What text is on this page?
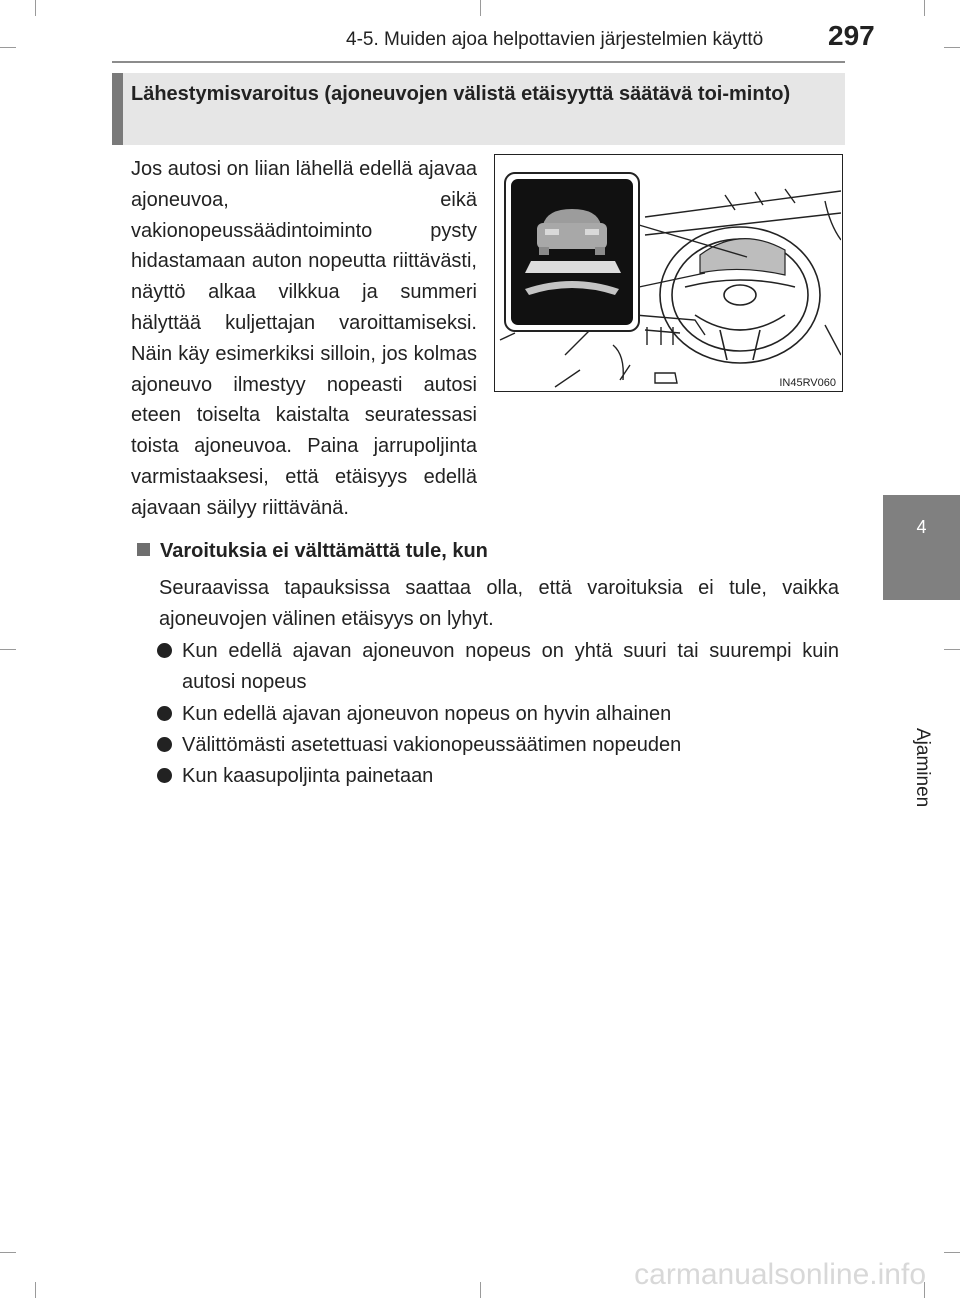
4-5. Muiden ajoa helpottavien järjestelmien käyttö 297
4
Ajaminen
Lähestymisvaroitus (ajoneuvojen välistä etäisyyttä säätävä toi-minto)
Jos autosi on liian lähellä edellä ajavaa ajoneuvoa, eikä vakionopeussäädintoiminto pysty hidastamaan auton nopeutta riittävästi, näyttö alkaa vilkkua ja summeri hälyttää kuljettajan varoittamiseksi. Näin käy esimerkiksi silloin, jos kolmas ajoneuvo ilmestyy nopeasti autosi eteen toiselta kaistalta seuratessasi toista ajoneuvoa. Paina jarrupoljinta varmistaaksesi, että etäisyys edellä ajavaan säilyy riittävänä.
IN45RV060
Varoituksia ei välttämättä tule, kun
Seuraavissa tapauksissa saattaa olla, että varoituksia ei tule, vaikka ajoneuvojen välinen etäisyys on lyhyt.
Kun edellä ajavan ajoneuvon nopeus on yhtä suuri tai suurempi kuin autosi nopeus
Kun edellä ajavan ajoneuvon nopeus on hyvin alhainen
Välittömästi asetettuasi vakionopeussäätimen nopeuden
Kun kaasupoljinta painetaan
carmanualsonline.info
